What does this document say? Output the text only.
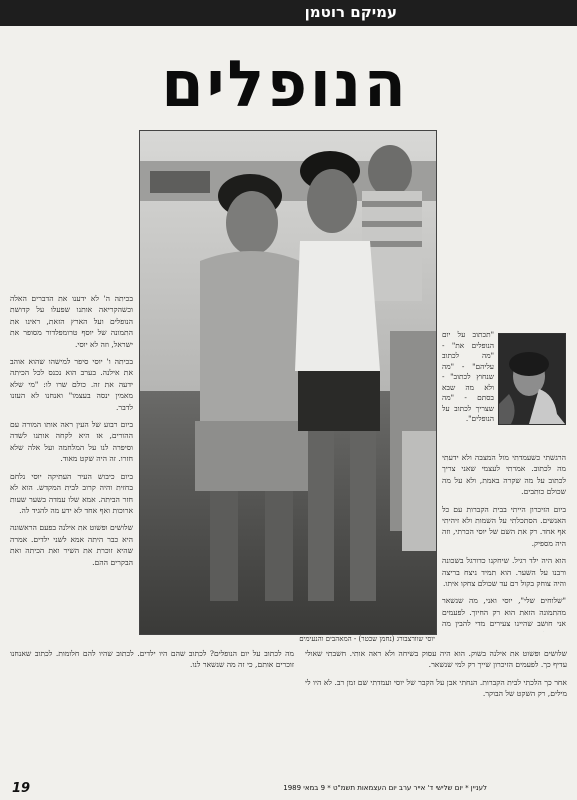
עמיקם רוטמן
הנופלים

בכיתה ה' לא ידענו את הדברים האלה וכשהקריאה אותנו שפעלו על קדושת הנופלים ועל הארץ הזאת, ראינו את התמונה של יוסף טרומפלדור מסופר את ישראל, וזה לא יוסי.

בכיתה ו' יוסי סיפר למישהו שהוא אוהב את אילנה. בערב הוא נכנס לכל הכיתה ידעה את זה. כולם שרו לו: "מי שלא מאמין ינסה בעצמו" ואנחנו לא העזנו לדבר.

ביום רבוע של העין ראה אותו המורה עם ההורים, אז היא לקחה אותנו לשדה וסיפרה לנו על המלחמה ועל אלה שלא חזרו. זה היה שקט מאוד.

ביום כיבוש העיר העתיקה יוסי נלחם בחזית והיה קרוב לבית המקדש. הוא לא חזר הביתה. אמא שלו עמדה בשער שעות ארוכות ואף אחד לא ידע מה להגיד לה.

שלושים ופשוט את אילנה בפעם הראשונה היא כבר היתה אמא לשני ילדים. אמרה שהיא זוכרת את השיר ואת הכיתה ואת הבקרים ההם.

"תכתוב על יום הנופלים את" - "מה לכתוב עליהם" - "מה שנחוץ לכתוב" - ולא מה שבא בסתם - "מה שצריך לכתוב על הנופלים".

הרגשתי כשעמדתי מול המצבה ולא ידעתי מה לכתוב. אמרתי לעצמי שאני צריך לכתוב על מה שקרה באמת, ולא על מה שכולם כותבים.

ביום הזיכרון הייתי בבית הקברות עם כל האנשים. הסתכלתי על השמות ולא זיהיתי אף אחד. רק את השם של יוסי הכרתי, וזה היה מספיק.

הוא היה ילד רגיל. שיחקנו כדורגל בשכונה ורבנו על השער. הוא תמיד ניצח בריצה והיה צוחק בקול רם עד שכולם צחקו איתו.

"שלוחים שלי", יוסי ואני, מה שנשאר מהתמונה הזאת הוא רק החיוך. לפעמים אני חושב שהיינו צעירים מדי להבין מה

יוסי שוורצבורג (נחמן שכטר) - המאהבים והנעימים

שלושים ופשוט את אילנה בשוק. הוא היה עסוק בשיחה ולא ראה אותי. חשבתי שאולי עדיף כך. לפעמים הזיכרון שייך רק למי שנשאר.

אחר כך הלכתי לבית הקברות. הנחתי אבן על הקבר של יוסי ועמדתי שם זמן רב. לא היו לי מילים, רק השקט של הבוקר.

מה לכתוב על יום הנופלים? לכתוב שהם היו ילדים. לכתוב שהיו להם חלומות. לכתוב שאנחנו זוכרים אותם, כי זה מה שנשאר לנו.

19	לעניין * יום שלישי ד' אייר ערב יום העצמאות תשמ"ט * 9 במאי 1989
